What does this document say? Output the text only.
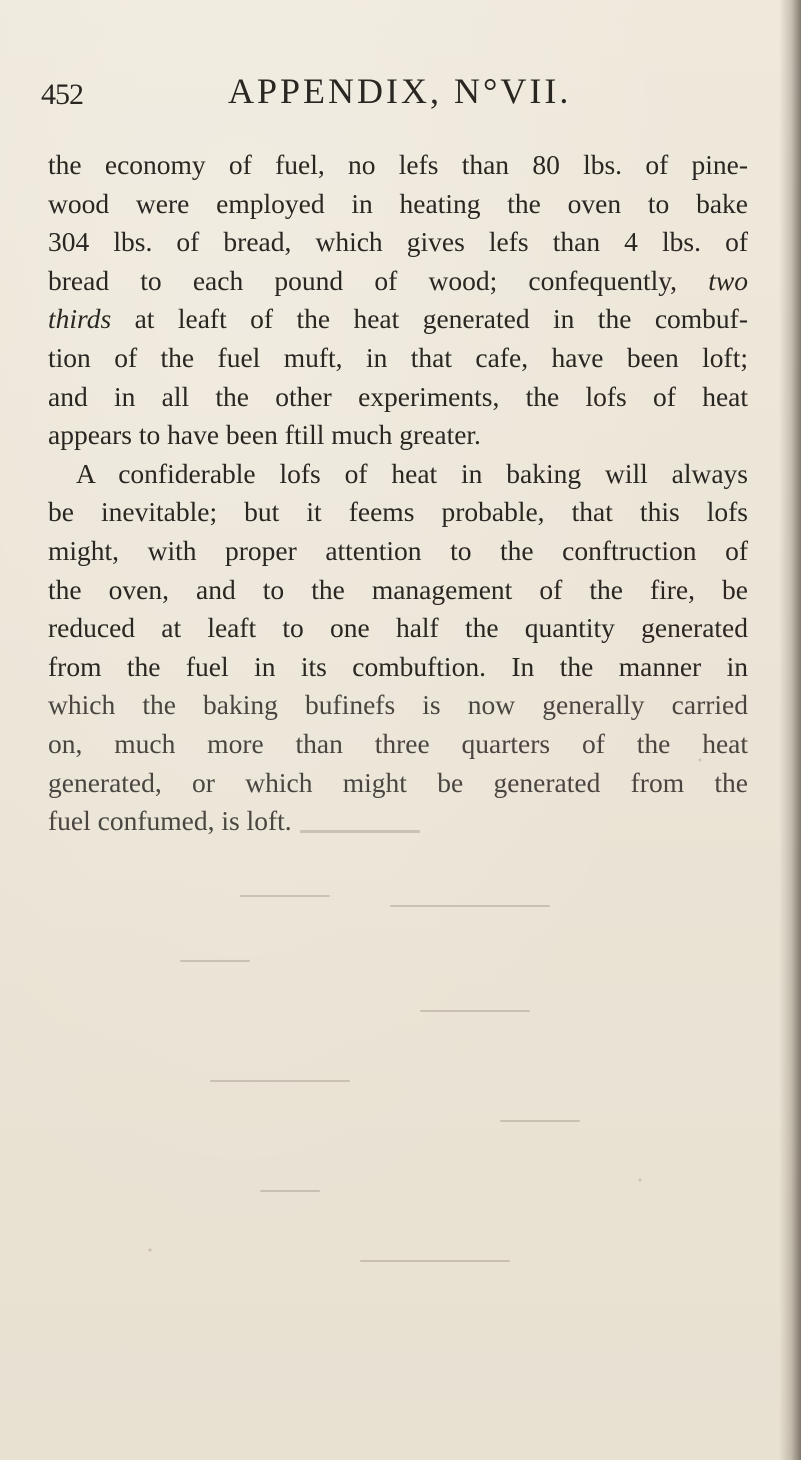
452	APPENDIX, N°VII.
the economy of fuel, no lefs than 80 lbs. of pine-
wood were employed in heating the oven to bake
304 lbs. of bread, which gives lefs than 4 lbs. of
bread to each pound of wood; confequently, two
thirds at leaft of the heat generated in the combuf-
tion of the fuel muft, in that cafe, have been loft;
and in all the other experiments, the lofs of heat
appears to have been ftill much greater.
A confiderable lofs of heat in baking will always
be inevitable; but it feems probable, that this lofs
might, with proper attention to the conftruction of
the oven, and to the management of the fire, be
reduced at leaft to one half the quantity generated
from the fuel in its combuftion. In the manner in
which the baking bufinefs is now generally carried
on, much more than three quarters of the heat
generated, or which might be generated from the
fuel confumed, is loft.
